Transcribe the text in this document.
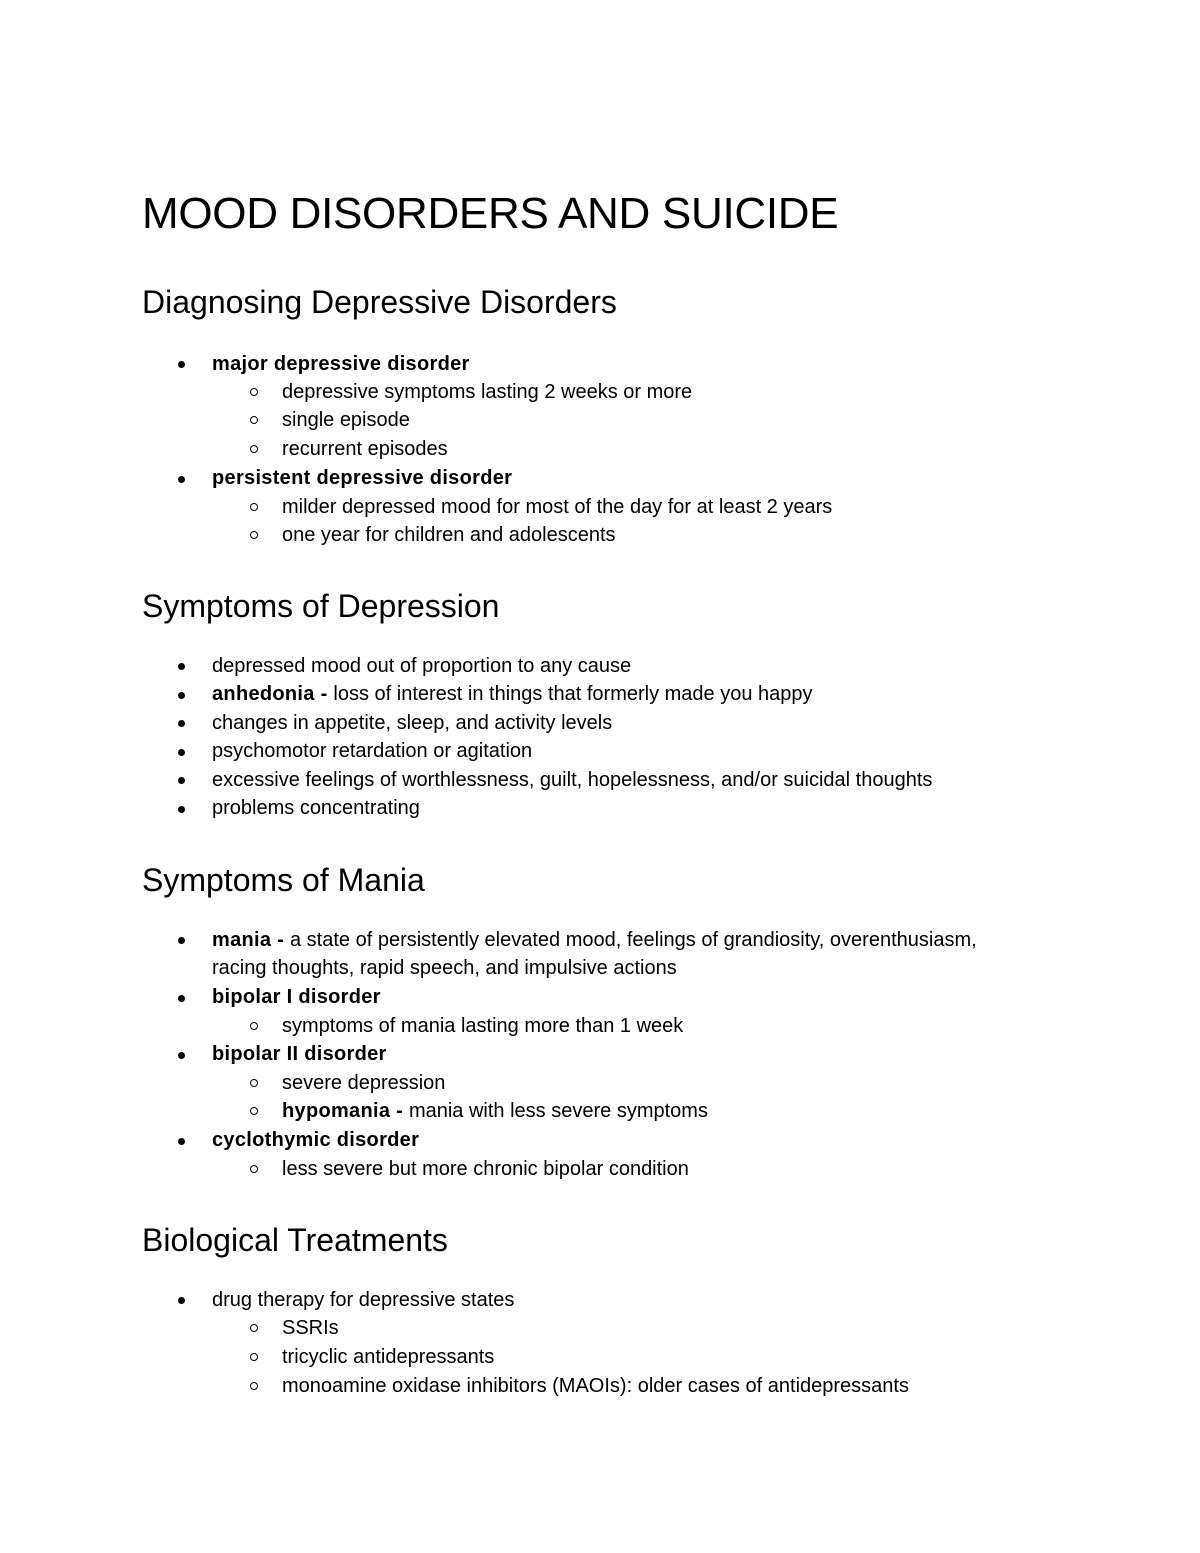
MOOD DISORDERS AND SUICIDE
Diagnosing Depressive Disorders
major depressive disorder
depressive symptoms lasting 2 weeks or more
single episode
recurrent episodes
persistent depressive disorder
milder depressed mood for most of the day for at least 2 years
one year for children and adolescents
Symptoms of Depression
depressed mood out of proportion to any cause
anhedonia - loss of interest in things that formerly made you happy
changes in appetite, sleep, and activity levels
psychomotor retardation or agitation
excessive feelings of worthlessness, guilt, hopelessness, and/or suicidal thoughts
problems concentrating
Symptoms of Mania
mania - a state of persistently elevated mood, feelings of grandiosity, overenthusiasm,
racing thoughts, rapid speech, and impulsive actions
bipolar I disorder
symptoms of mania lasting more than 1 week
bipolar II disorder
severe depression
hypomania - mania with less severe symptoms
cyclothymic disorder
less severe but more chronic bipolar condition
Biological Treatments
drug therapy for depressive states
SSRIs
tricyclic antidepressants
monoamine oxidase inhibitors (MAOIs): older cases of antidepressants
